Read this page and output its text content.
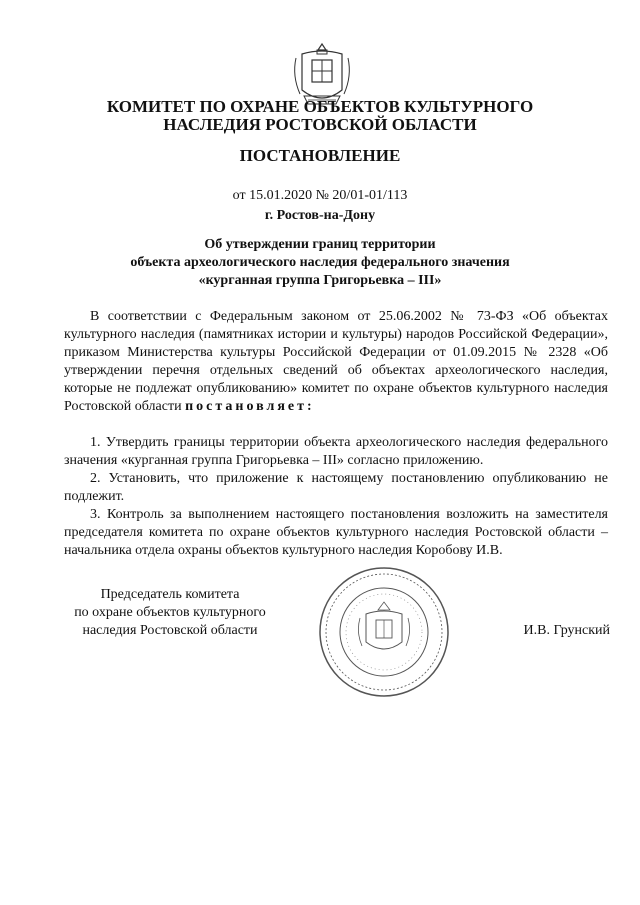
КОМИТЕТ ПО ОХРАНЕ ОБЪЕКТОВ КУЛЬТУРНОГО
НАСЛЕДИЯ РОСТОВСКОЙ ОБЛАСТИ
ПОСТАНОВЛЕНИЕ
от 15.01.2020 № 20/01-01/113
г. Ростов-на-Дону
Об утверждении границ территории
объекта археологического наследия федерального значения
«курганная группа Григорьевка – III»

В соответствии с Федеральным законом от 25.06.2002 № 73-ФЗ «Об объектах культурного наследия (памятниках истории и культуры) народов Российской Федерации», приказом Министерства культуры Российской Федерации от 01.09.2015 № 2328 «Об утверждении перечня отдельных сведений об объектах археологического наследия, которые не подлежат опубликованию» комитет по охране объектов культурного наследия Ростовской области постановляет:

1. Утвердить границы территории объекта археологического наследия федерального значения «курганная группа Григорьевка – III» согласно приложению.

2. Установить, что приложение к настоящему постановлению опубликованию не подлежит.

3. Контроль за выполнением настоящего постановления возложить на заместителя председателя комитета по охране объектов культурного наследия Ростовской области – начальника отдела охраны объектов культурного наследия Коробову И.В.

Председатель комитета
по охране объектов культурного
наследия Ростовской области	И.В. Грунский
